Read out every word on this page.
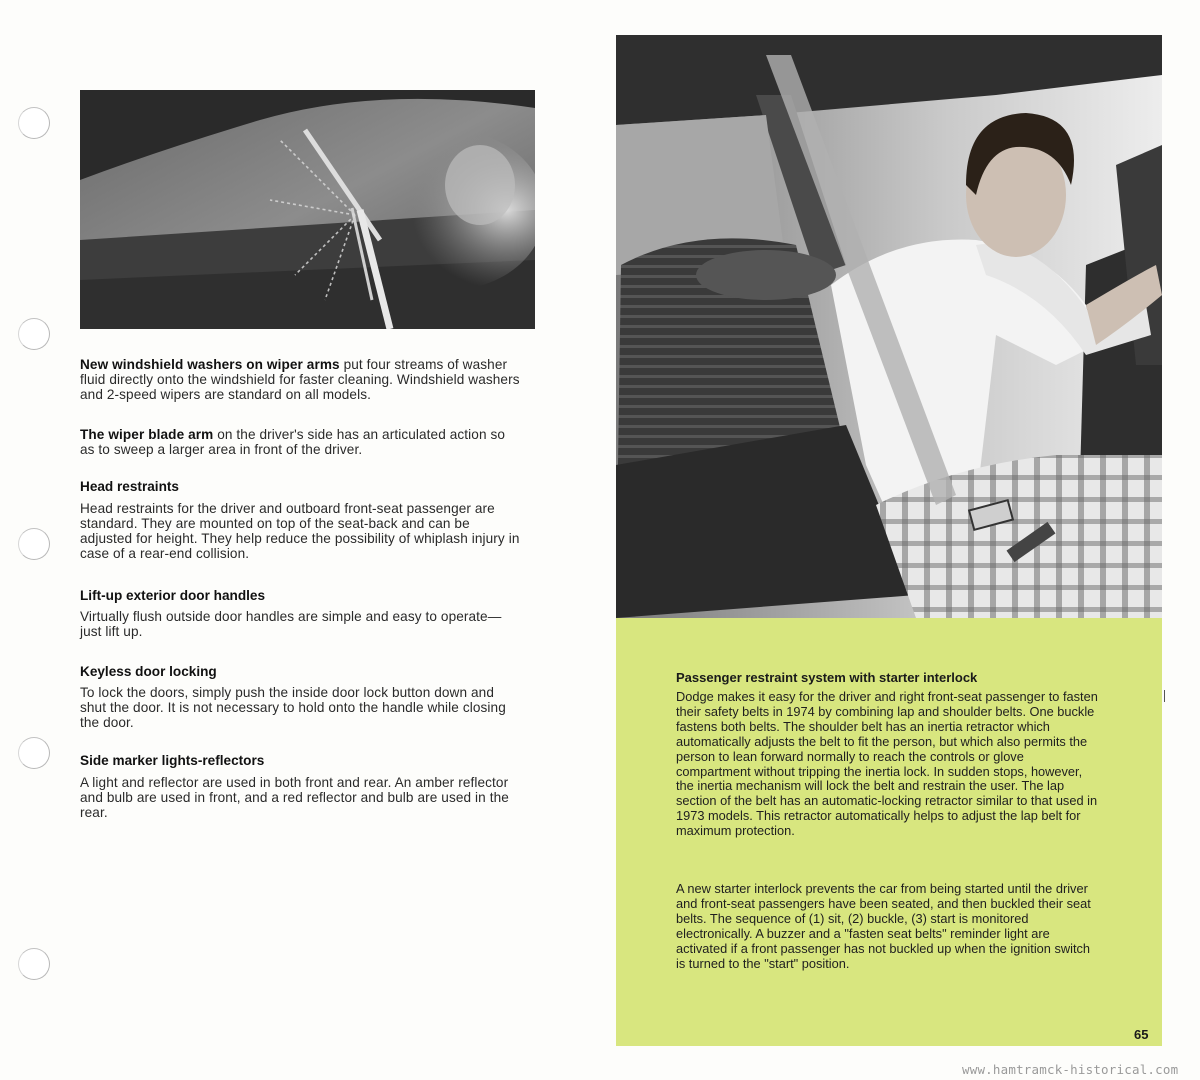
New windshield washers on wiper arms put four streams of washer fluid directly onto the windshield for faster cleaning. Windshield washers and 2-speed wipers are standard on all models.
The wiper blade arm on the driver's side has an articulated action so as to sweep a larger area in front of the driver.
Head restraints
Head restraints for the driver and outboard front-seat passenger are standard. They are mounted on top of the seat-back and can be adjusted for height. They help reduce the possibility of whiplash injury in case of a rear-end collision.
Lift-up exterior door handles
Virtually flush outside door handles are simple and easy to operate—just lift up.
Keyless door locking
To lock the doors, simply push the inside door lock button down and shut the door. It is not necessary to hold onto the handle while closing the door.
Side marker lights-reflectors
A light and reflector are used in both front and rear. An amber reflector and bulb are used in front, and a red reflector and bulb are used in the rear.
Passenger restraint system with starter interlock
Dodge makes it easy for the driver and right front-seat passenger to fasten their safety belts in 1974 by combining lap and shoulder belts. One buckle fastens both belts. The shoulder belt has an inertia retractor which automatically adjusts the belt to fit the person, but which also permits the person to lean forward normally to reach the controls or glove compartment without tripping the inertia lock. In sudden stops, however, the inertia mechanism will lock the belt and restrain the user. The lap section of the belt has an automatic-locking retractor similar to that used in 1973 models. This retractor automatically helps to adjust the lap belt for maximum protection.
A new starter interlock prevents the car from being started until the driver and front-seat passengers have been seated, and then buckled their seat belts. The sequence of (1) sit, (2) buckle, (3) start is monitored electronically. A buzzer and a "fasten seat belts" reminder light are activated if a front passenger has not buckled up when the ignition switch is turned to the "start" position.
65
www.hamtramck-historical.com
